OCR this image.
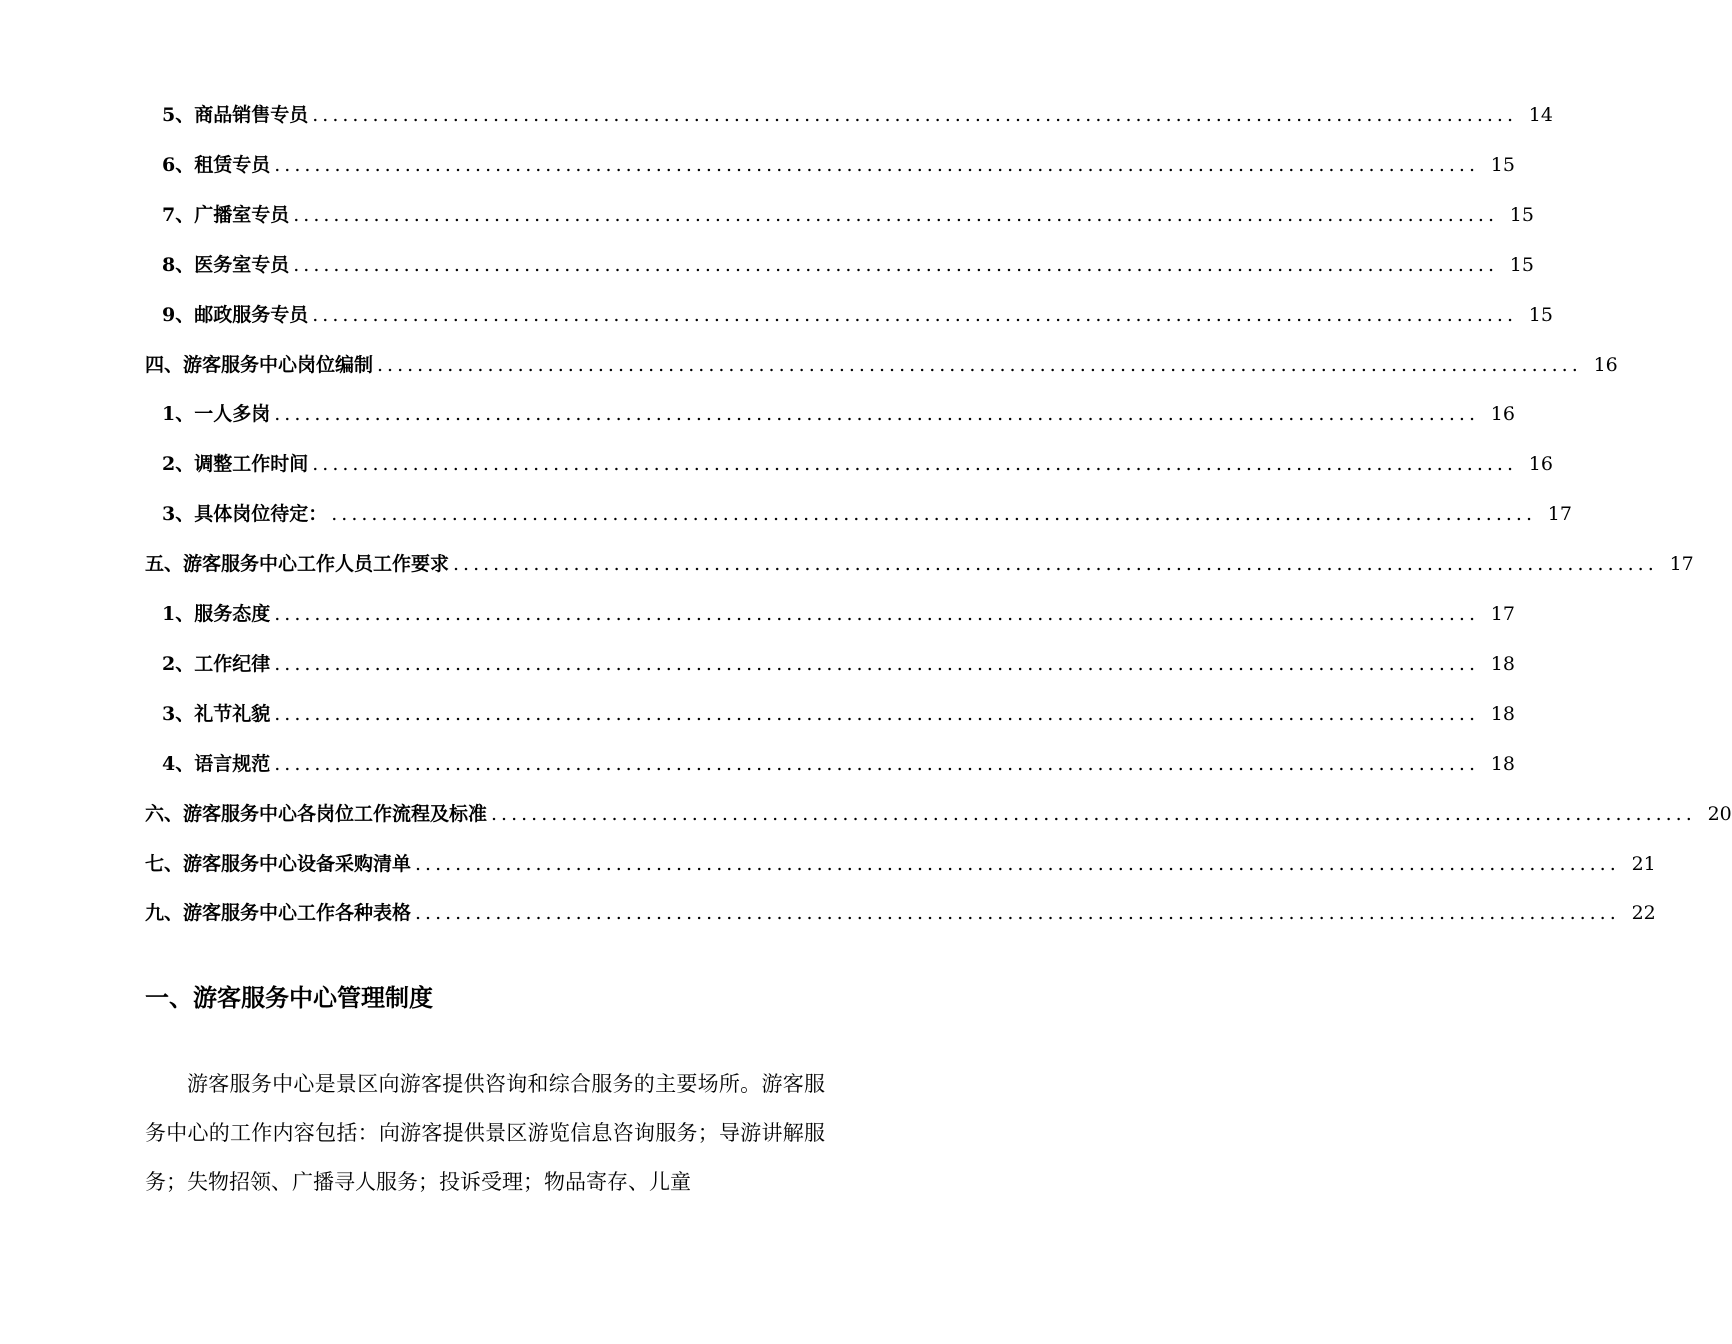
5、商品销售专员 ........................................................................................................................ 14
6、租赁专员 ........................................................................................................................ 15
7、广播室专员 ........................................................................................................................ 15
8、医务室专员 ........................................................................................................................ 15
9、邮政服务专员 ........................................................................................................................ 15
四、游客服务中心岗位编制 ........................................................................................................................ 16
1、一人多岗 ........................................................................................................................ 16
2、调整工作时间 ........................................................................................................................ 16
3、具体岗位待定： ........................................................................................................................ 17
五、游客服务中心工作人员工作要求 ........................................................................................................................ 17
1、服务态度 ........................................................................................................................ 17
2、工作纪律 ........................................................................................................................ 18
3、礼节礼貌 ........................................................................................................................ 18
4、语言规范 ........................................................................................................................ 18
六、游客服务中心各岗位工作流程及标准 ........................................................................................................................ 20
七、游客服务中心设备采购清单 ........................................................................................................................ 21
九、游客服务中心工作各种表格 ........................................................................................................................ 22
一、游客服务中心管理制度

游客服务中心是景区向游客提供咨询和综合服务的主要场所。游客服务中心的工作内容包括：向游客提供景区游览信息咨询服务；导游讲解服务；失物招领、广播寻人服务；投诉受理；物品寄存、儿童
